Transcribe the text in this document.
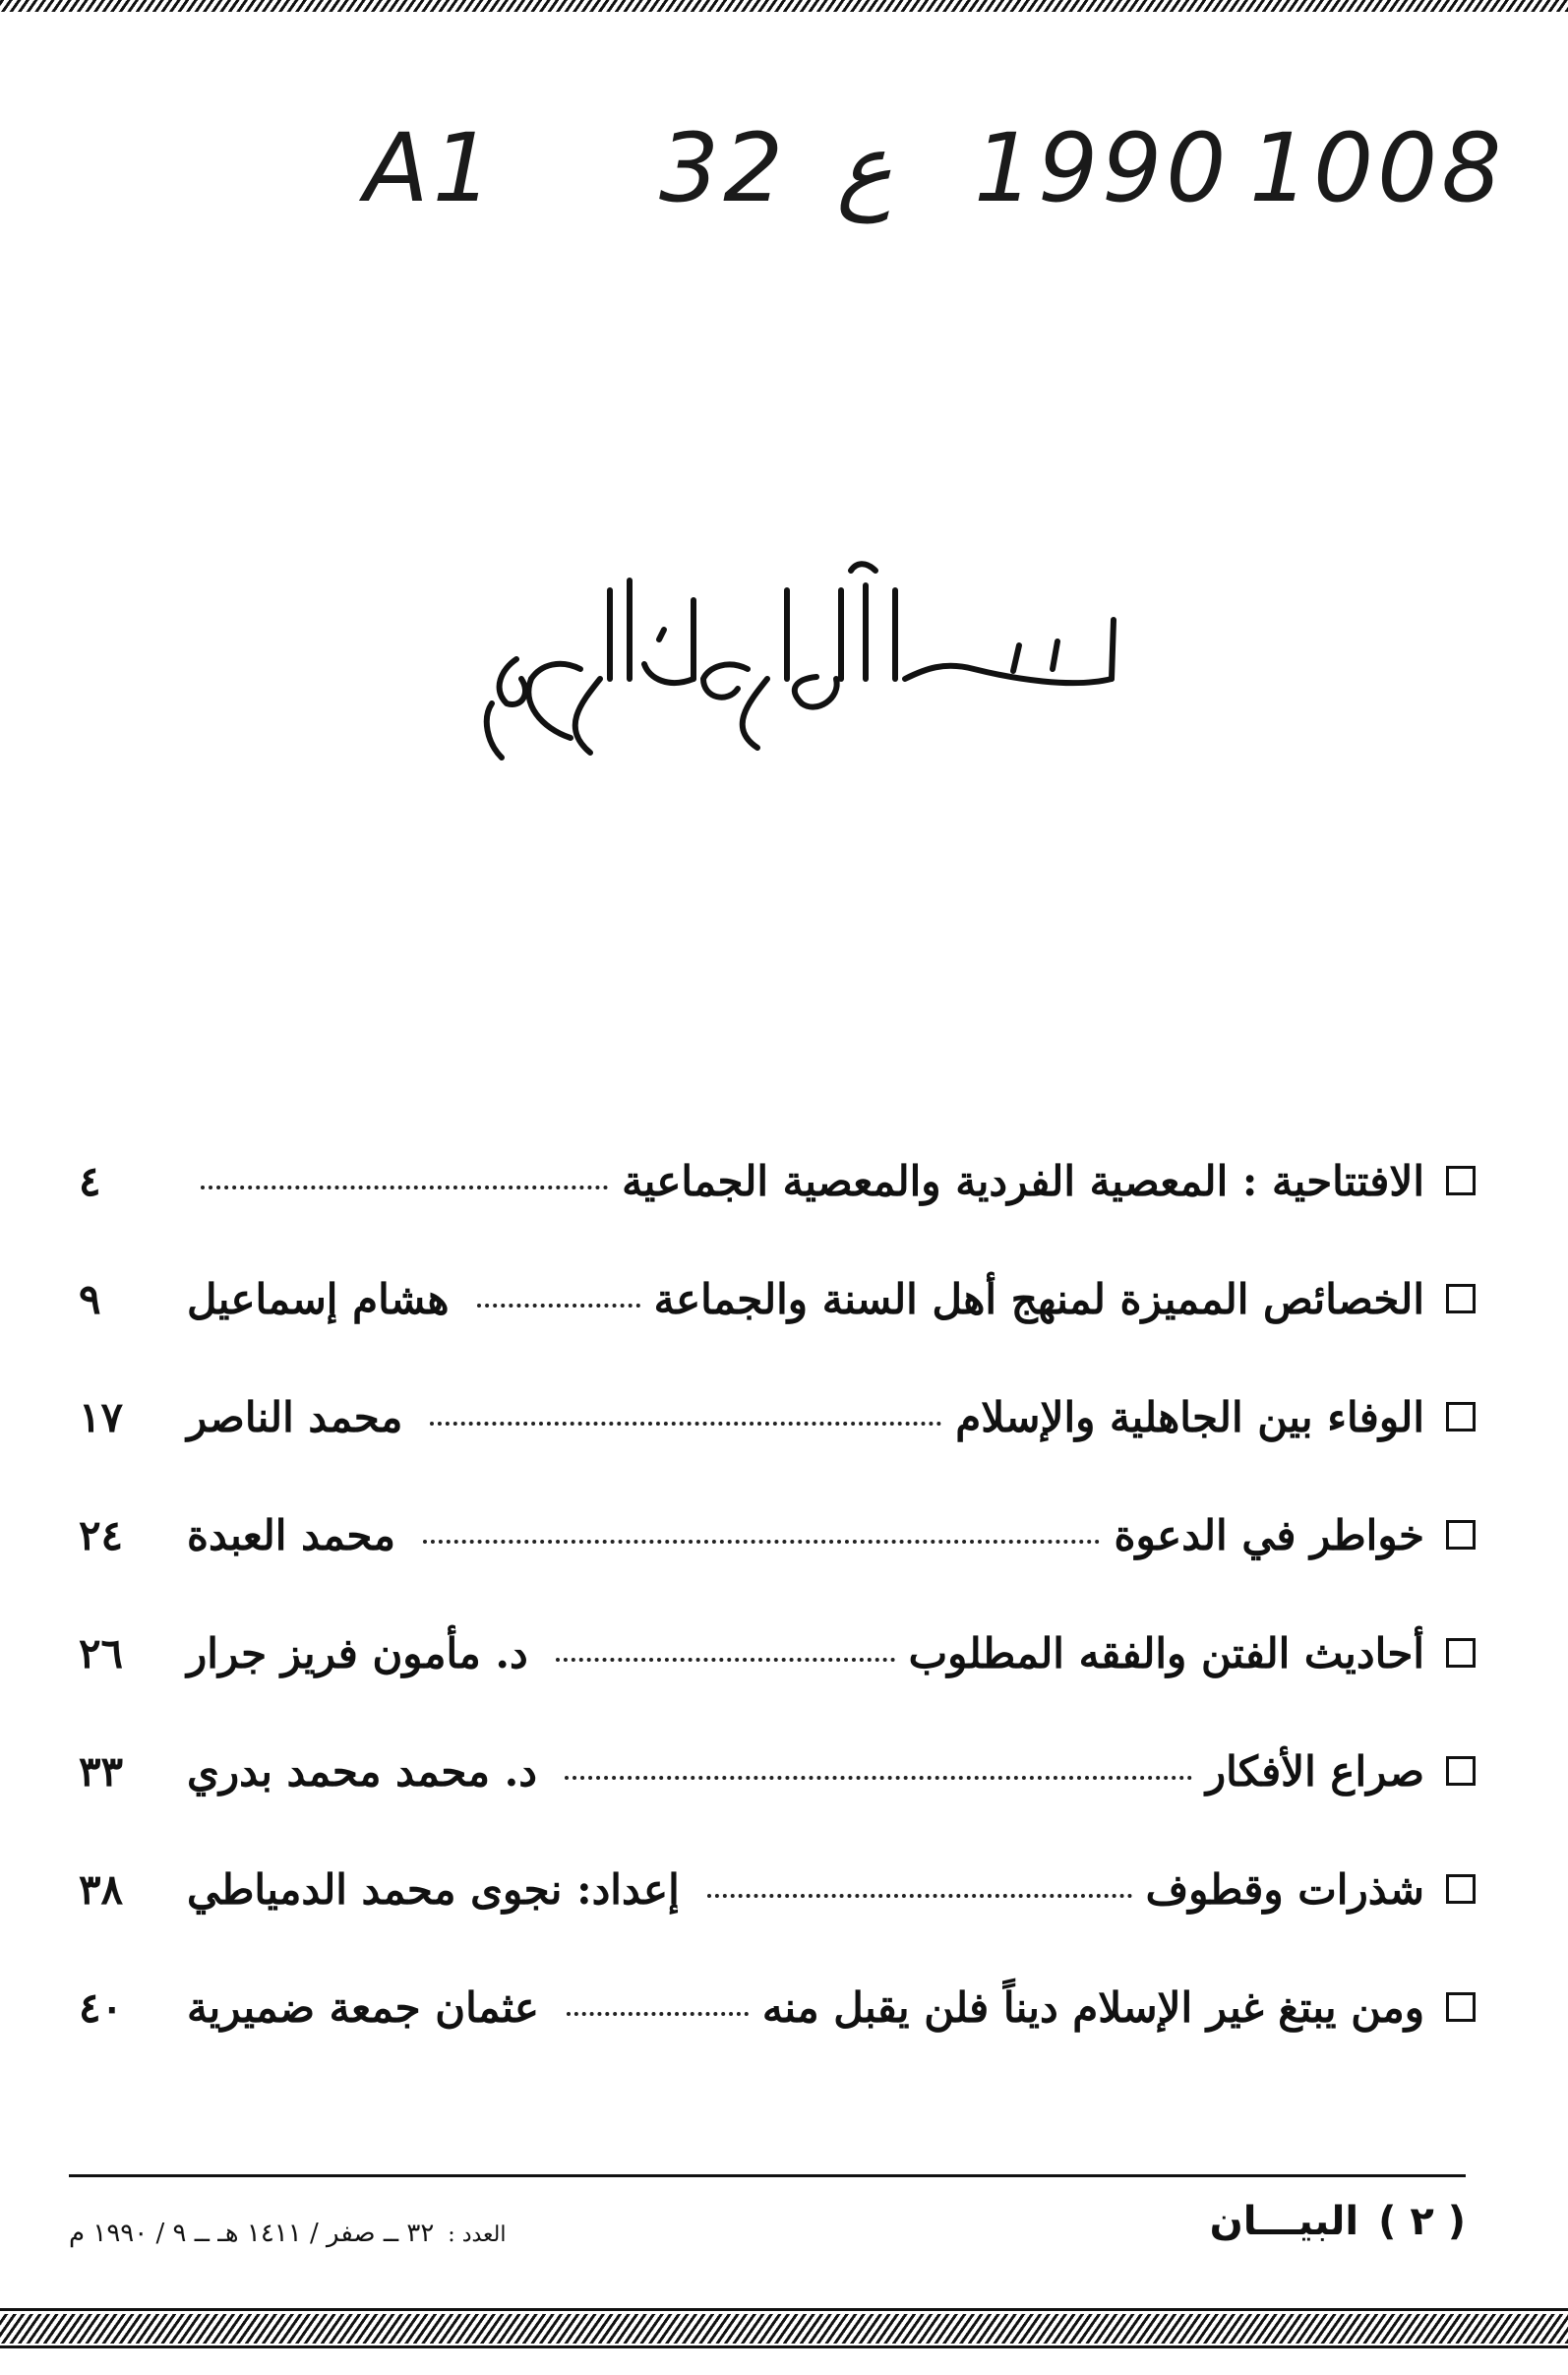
A1 32 ع 1990 1008
الافتتاحية : المعصية الفردية والمعصية الجماعية
٤
الخصائص المميزة لمنهج أهل السنة والجماعة
هشام إسماعيل
٩
الوفاء بين الجاهلية والإسلام
محمد الناصر
١٧
خواطر في الدعوة
محمد العبدة
٢٤
أحاديث الفتن والفقه المطلوب
د. مأمون فريز جرار
٢٦
صراع الأفكار
د. محمد محمد بدري
٣٣
شذرات وقطوف
إعداد: نجوى محمد الدمياطي
٣٨
ومن يبتغ غير الإسلام ديناً فلن يقبل منه
عثمان جمعة ضميرية
٤٠
العدد :٣٢ ــ صفر / ١٤١١ هـ ــ ٩ / ١٩٩٠ م	( ٢ )البيـــان
